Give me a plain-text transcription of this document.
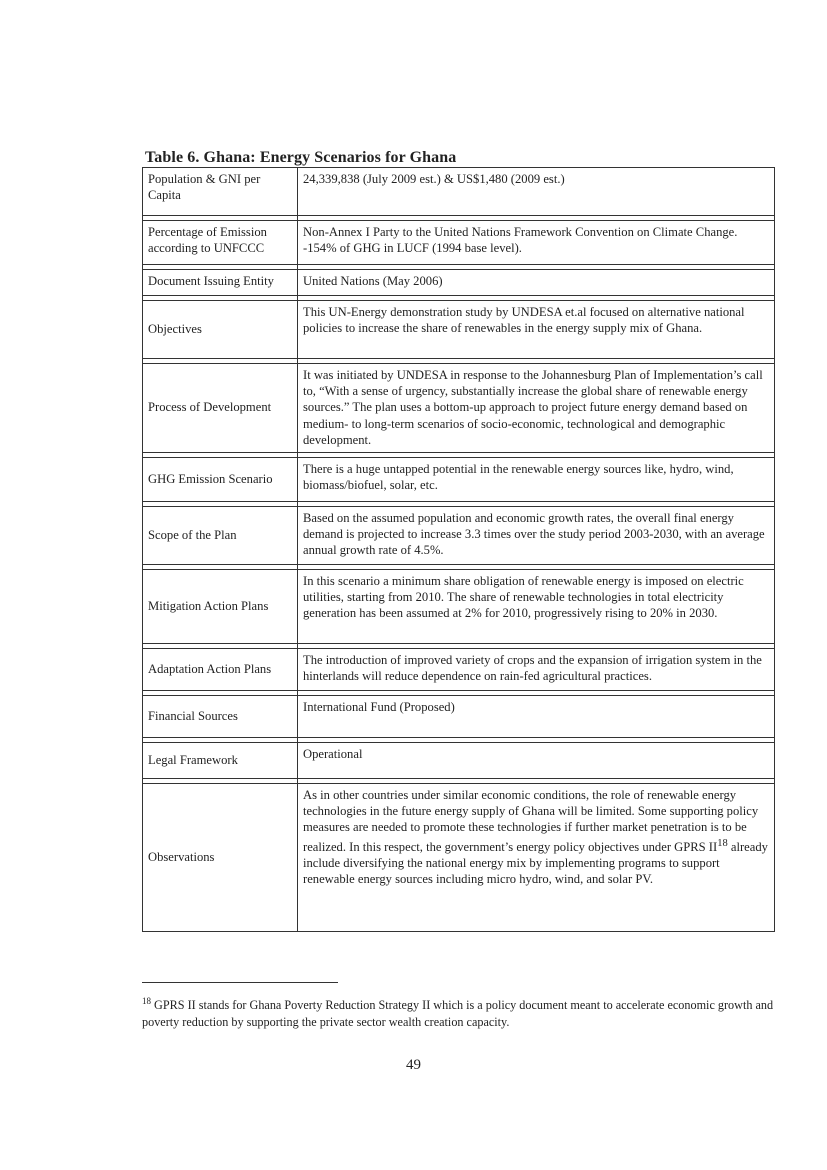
Table 6. Ghana: Energy Scenarios for Ghana
Population & GNI per Capita	24,339,838 (July 2009 est.) & US$1,480 (2009 est.)

Percentage of Emission according to UNFCCC	Non-Annex I Party to the United Nations Framework Convention on Climate Change. -154% of GHG in LUCF (1994 base level).

Document Issuing Entity	United Nations (May 2006)

Objectives	This UN-Energy demonstration study by UNDESA et.al focused on alternative national policies to increase the share of renewables in the energy supply mix of Ghana.

Process of Development	It was initiated by UNDESA in response to the Johannesburg Plan of Implementation’s call to, “With a sense of urgency, substantially increase the global share of renewable energy sources.” The plan uses a bottom-up approach to project future energy demand based on medium- to long-term scenarios of socio-economic, technological and demographic development.

GHG Emission Scenario	There is a huge untapped potential in the renewable energy sources like, hydro, wind, biomass/biofuel, solar, etc.

Scope of the Plan	Based on the assumed population and economic growth rates, the overall final energy demand is projected to increase 3.3 times over the study period 2003-2030, with an average annual growth rate of 4.5%.

Mitigation Action Plans	In this scenario a minimum share obligation of renewable energy is imposed on electric utilities, starting from 2010. The share of renewable technologies in total electricity generation has been assumed at 2% for 2010, progressively rising to 20% in 2030.

Adaptation Action Plans	The introduction of improved variety of crops and the expansion of irrigation system in the hinterlands will reduce dependence on rain-fed agricultural practices.

Financial Sources	International Fund (Proposed)

Legal Framework	Operational

Observations	As in other countries under similar economic conditions, the role of renewable energy technologies in the future energy supply of Ghana will be limited. Some supporting policy measures are needed to promote these technologies if further market penetration is to be realized. In this respect, the government’s energy policy objectives under GPRS II$^{18}$ already include diversifying the national energy mix by implementing programs to support renewable energy sources including micro hydro, wind, and solar PV.
$^{18}$ GPRS II stands for Ghana Poverty Reduction Strategy II which is a policy document meant to accelerate economic growth and poverty reduction by supporting the private sector wealth creation capacity.
49
